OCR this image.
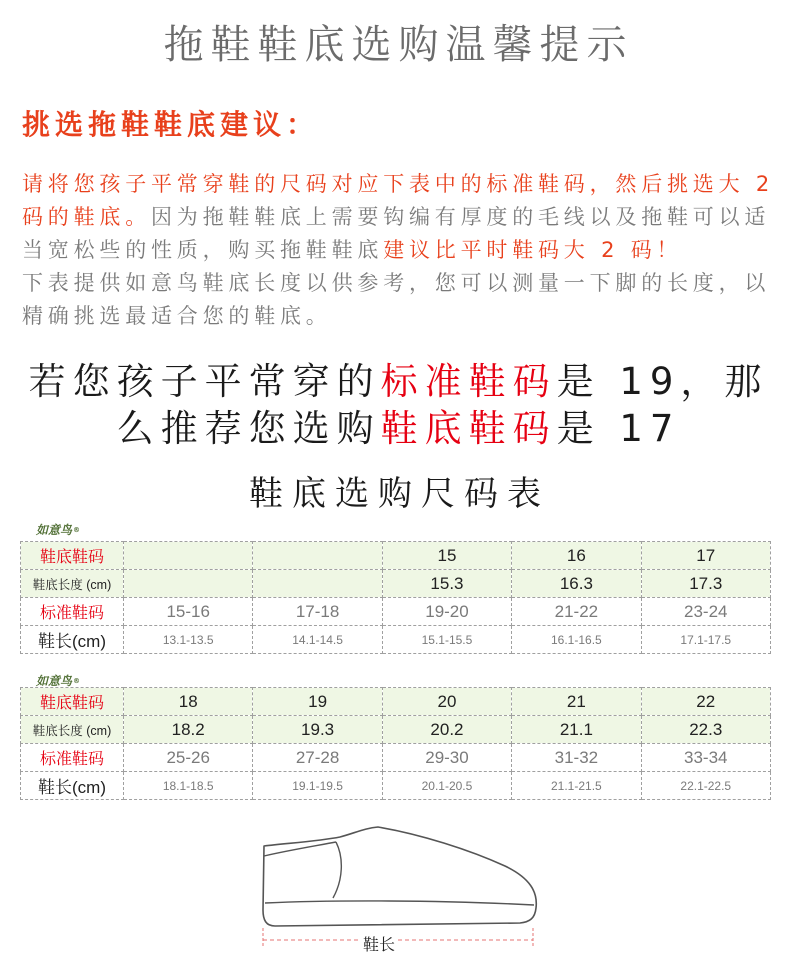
拖鞋鞋底选购温馨提示
挑选拖鞋鞋底建议：
请将您孩子平常穿鞋的尺码对应下表中的标准鞋码，然后挑选大 2
码的鞋底。因为拖鞋鞋底上需要钩编有厚度的毛线以及拖鞋可以适
当宽松些的性质，购买拖鞋鞋底建议比平时鞋码大 2 码！
下表提供如意鸟鞋底长度以供参考，您可以测量一下脚的长度，以
精确挑选最适合您的鞋底。
若您孩子平常穿的标准鞋码是 19，那
么推荐您选购鞋底鞋码是 17
鞋底选购尺码表
如意鸟®
鞋底鞋码			15	16	17
鞋底长度 (cm)			15.3	16.3	17.3
标准鞋码	15-16	17-18	19-20	21-22	23-24
鞋长(cm)	13.1-13.5	14.1-14.5	15.1-15.5	16.1-16.5	17.1-17.5
如意鸟®
鞋底鞋码	18	19	20	21	22
鞋底长度 (cm)	18.2	19.3	20.2	21.1	22.3
标准鞋码	25-26	27-28	29-30	31-32	33-34
鞋长(cm)	18.1-18.5	19.1-19.5	20.1-20.5	21.1-21.5	22.1-22.5
鞋长
